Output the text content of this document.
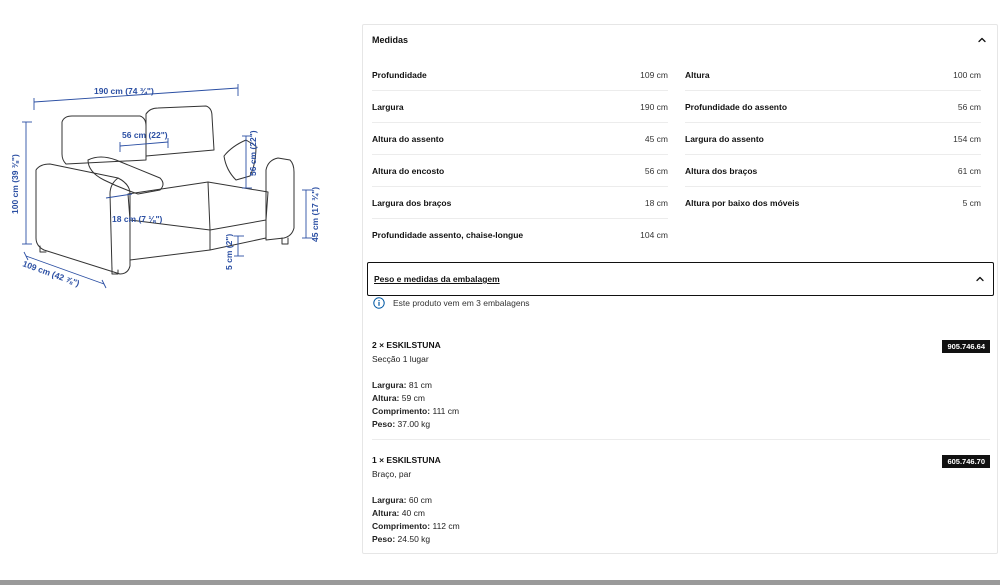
190 cm (74 ¾")
56 cm (22")	56 cm (22")
100 cm (39 ⅜")
18 cm (7 ⅛")	45 cm (17 ¾")
5 cm (2")
109 cm (42 ⅞")
Medidas
Profundidade	109 cm
Largura	190 cm
Altura do assento	45 cm
Altura do encosto	56 cm
Largura dos braços	18 cm
Profundidade assento, chaise-longue	104 cm
Altura	100 cm
Profundidade do assento	56 cm
Largura do assento	154 cm
Altura dos braços	61 cm
Altura por baixo dos móveis	5 cm
Peso e medidas da embalagem
Este produto vem em 3 embalagens
2 × ESKILSTUNA	905.746.64
Secção 1 lugar
Largura: 81 cm
Altura: 59 cm
Comprimento: 111 cm
Peso: 37.00 kg
1 × ESKILSTUNA	605.746.70
Braço, par
Largura: 60 cm
Altura: 40 cm
Comprimento: 112 cm
Peso: 24.50 kg
